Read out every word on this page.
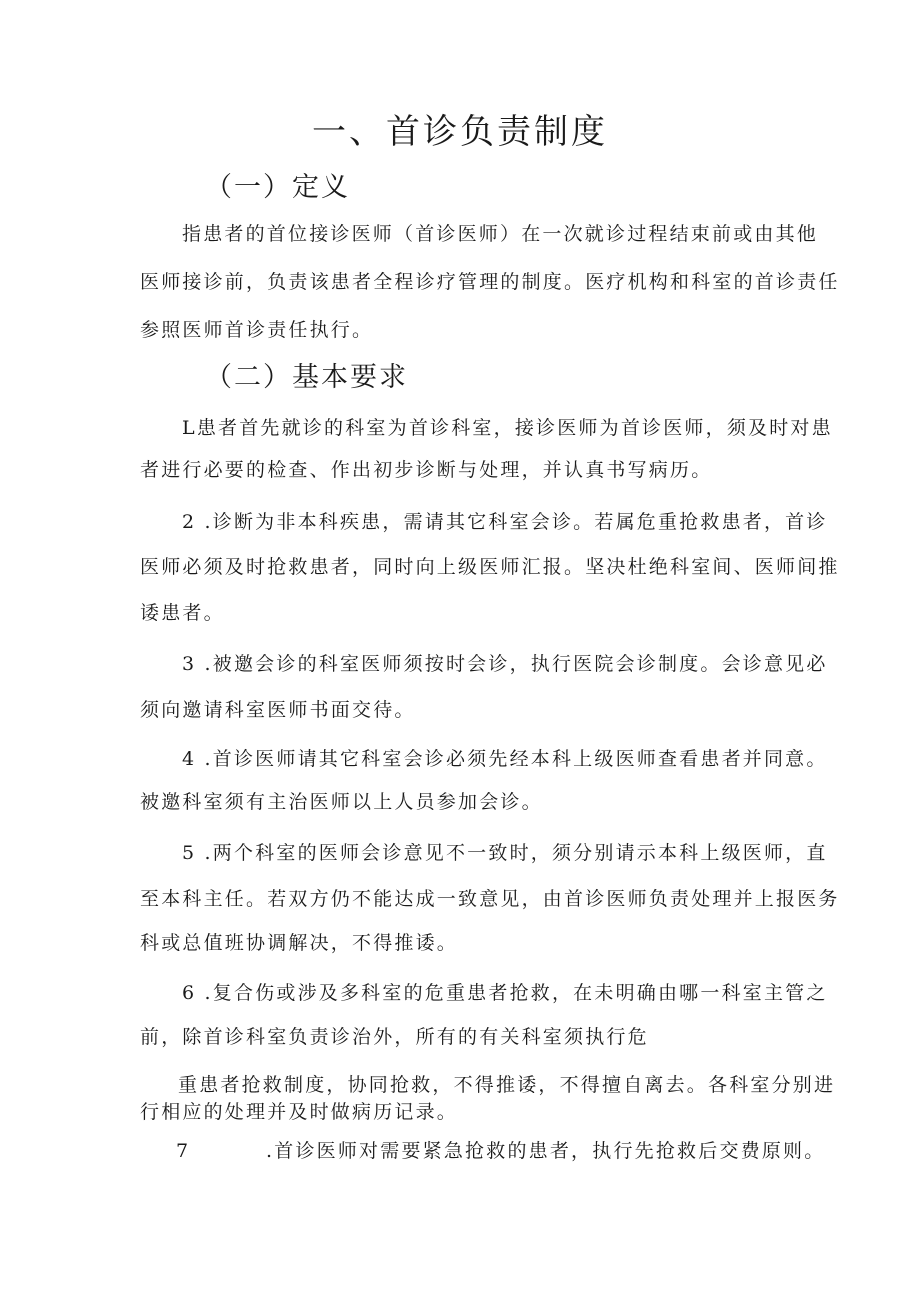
一、首诊负责制度
（一）定义
指患者的首位接诊医师（首诊医师）在一次就诊过程结束前或由其他
医师接诊前，负责该患者全程诊疗管理的制度。医疗机构和科室的首诊责任
参照医师首诊责任执行。
（二）基本要求
L患者首先就诊的科室为首诊科室，接诊医师为首诊医师，须及时对患
者进行必要的检查、作出初步诊断与处理，并认真书写病历。
2 .诊断为非本科疾患，需请其它科室会诊。若属危重抢救患者，首诊
医师必须及时抢救患者，同时向上级医师汇报。坚决杜绝科室间、医师间推
诿患者。
3 .被邀会诊的科室医师须按时会诊，执行医院会诊制度。会诊意见必
须向邀请科室医师书面交待。
4 .首诊医师请其它科室会诊必须先经本科上级医师查看患者并同意。
被邀科室须有主治医师以上人员参加会诊。
5 .两个科室的医师会诊意见不一致时，须分别请示本科上级医师，直
至本科主任。若双方仍不能达成一致意见，由首诊医师负责处理并上报医务
科或总值班协调解决，不得推诿。
6 .复合伤或涉及多科室的危重患者抢救，在未明确由哪一科室主管之
前，除首诊科室负责诊治外，所有的有关科室须执行危
重患者抢救制度，协同抢救，不得推诿，不得擅自离去。各科室分别进
行相应的处理并及时做病历记录。
7	.首诊医师对需要紧急抢救的患者，执行先抢救后交费原则。
